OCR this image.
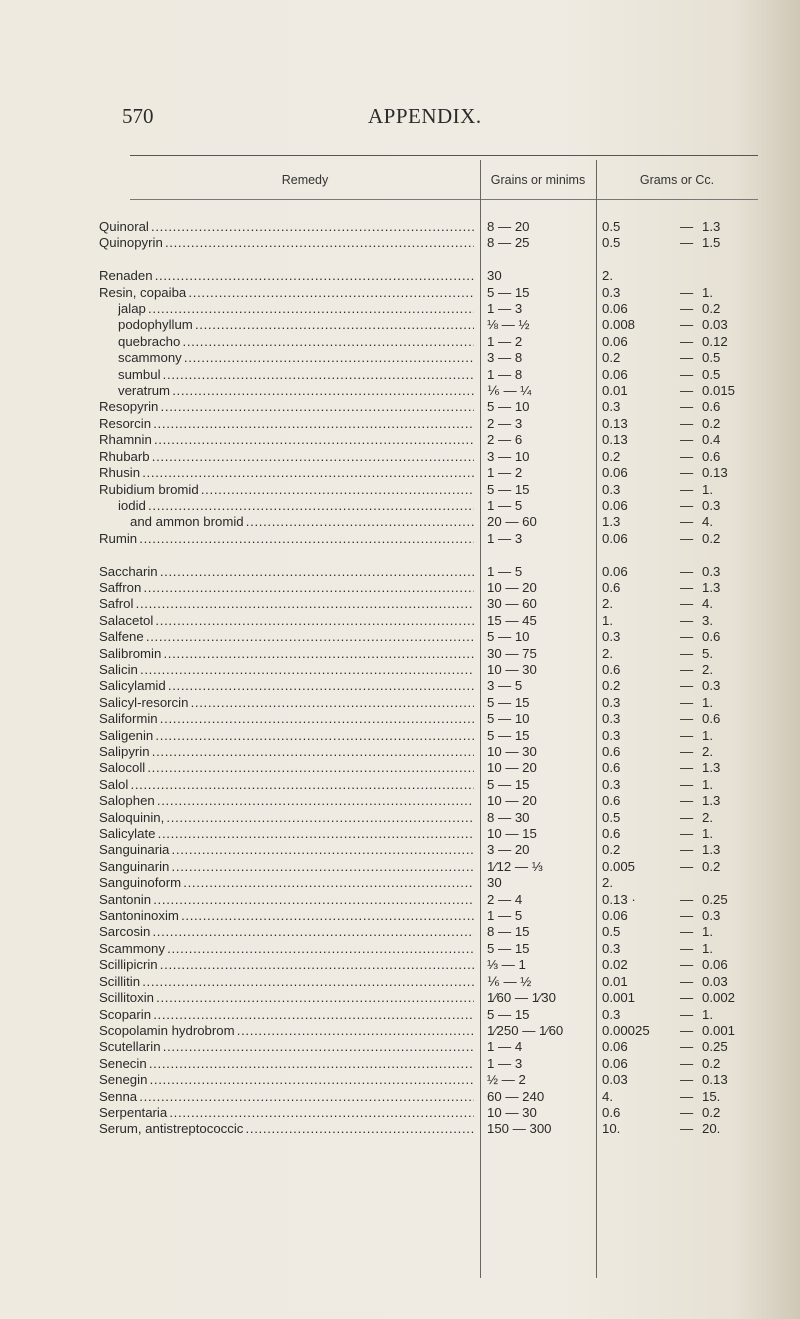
570	APPENDIX.
Remedy	Grains or minims	Grams or Cc.
Quinoral . . .	8 — 20	0.5	— 1.3
Quinopyrin . . .	8 — 25	0.5	— 1.5
Renaden . . .	30	2.
Resin, copaiba . . .	5 — 15	0.3	— 1.
jalap . . .	1 — 3	0.06	— 0.2
podophyllum . . .	⅛ — ½	0.008	— 0.03
quebracho . . .	1 — 2	0.06	— 0.12
scammony . . .	3 — 8	0.2	— 0.5
sumbul . . .	1 — 8	0.06	— 0.5
veratrum . . .	⅙ — ¼	0.01	— 0.015
Resopyrin . . .	5 — 10	0.3	— 0.6
Resorcin . . .	2 — 3	0.13	— 0.2
Rhamnin . . .	2 — 6	0.13	— 0.4
Rhubarb . . .	3 — 10	0.2	— 0.6
Rhusin . . .	1 — 2	0.06	— 0.13
Rubidium bromid . . .	5 — 15	0.3	— 1.
iodid . . .	1 — 5	0.06	— 0.3
and ammon bromid . . .	20 — 60	1.3	— 4.
Rumin . . .	1 — 3	0.06	— 0.2
Saccharin . . .	1 — 5	0.06	— 0.3
Saffron . . .	10 — 20	0.6	— 1.3
Safrol . . .	30 — 60	2.	— 4.
Salacetol . . .	15 — 45	1.	— 3.
Salfene . . .	5 — 10	0.3	— 0.6
Salibromin . . .	30 — 75	2.	— 5.
Salicin . . .	10 — 30	0.6	— 2.
Salicylamid . . .	3 — 5	0.2	— 0.3
Salicyl-resorcin . . .	5 — 15	0.3	— 1.
Saliformin . . .	5 — 10	0.3	— 0.6
Saligenin . . .	5 — 15	0.3	— 1.
Salipyrin . . .	10 — 30	0.6	— 2.
Salocoll . . .	10 — 20	0.6	— 1.3
Salol . . .	5 — 15	0.3	— 1.
Salophen . . .	10 — 20	0.6	— 1.3
Saloquinin, . . .	8 — 30	0.5	— 2.
Salicylate . . .	10 — 15	0.6	— 1.
Sanguinaria . . .	3 — 20	0.2	— 1.3
Sanguinarin . . .	1⁄12 — ⅓	0.005	— 0.2
Sanguinoform . . .	30	2.
Santonin . . .	2 — 4	0.13 ·	— 0.25
Santoninoxim . . .	1 — 5	0.06	— 0.3
Sarcosin . . .	8 — 15	0.5	— 1.
Scammony . . .	5 — 15	0.3	— 1.
Scillipicrin . . .	⅓ — 1	0.02	— 0.06
Scillitin . . .	⅙ — ½	0.01	— 0.03
Scillitoxin . . .	1⁄60 — 1⁄30	0.001	— 0.002
Scoparin . . .	5 — 15	0.3	— 1.
Scopolamin hydrobrom . . .	1⁄250 — 1⁄60	0.00025	— 0.001
Scutellarin . . .	1 — 4	0.06	— 0.25
Senecin . . .	1 — 3	0.06	— 0.2
Senegin . . .	½ — 2	0.03	— 0.13
Senna . . .	60 — 240	4.	— 15.
Serpentaria . . .	10 — 30	0.6	— 0.2
Serum, antistreptococcic . . .	150 — 300	10.	— 20.
